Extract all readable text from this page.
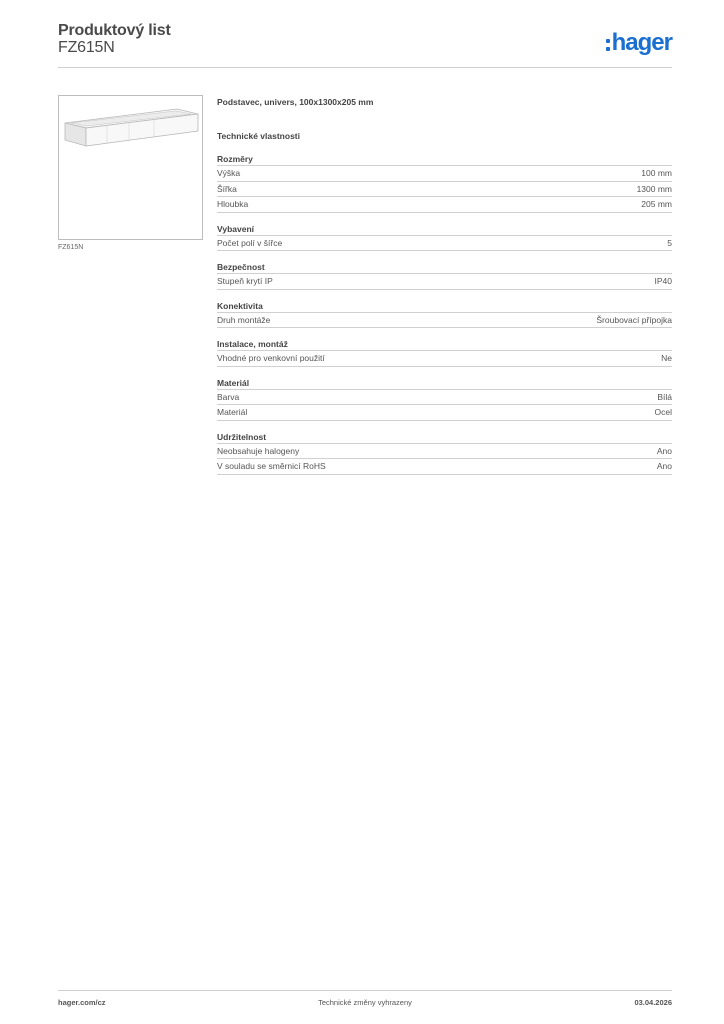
Produktový list
FZ615N	hager
FZ615N
Podstavec, univers, 100x1300x205 mm
Technické vlastnosti
Rozměry
Výška	100 mm
Šířka	1300 mm
Hloubka	205 mm
Vybavení
Počet polí v šířce	5
Bezpečnost
Stupeň krytí IP	IP40
Konektivita
Druh montáže	Šroubovací přípojka
Instalace, montáž
Vhodné pro venkovní použití	Ne
Materiál
Barva	Bílá
Materiál	Ocel
Udržitelnost
Neobsahuje halogeny	Ano
V souladu se směrnicí RoHS	Ano
hager.com/cz	Technické změny vyhrazeny	03.04.2026
